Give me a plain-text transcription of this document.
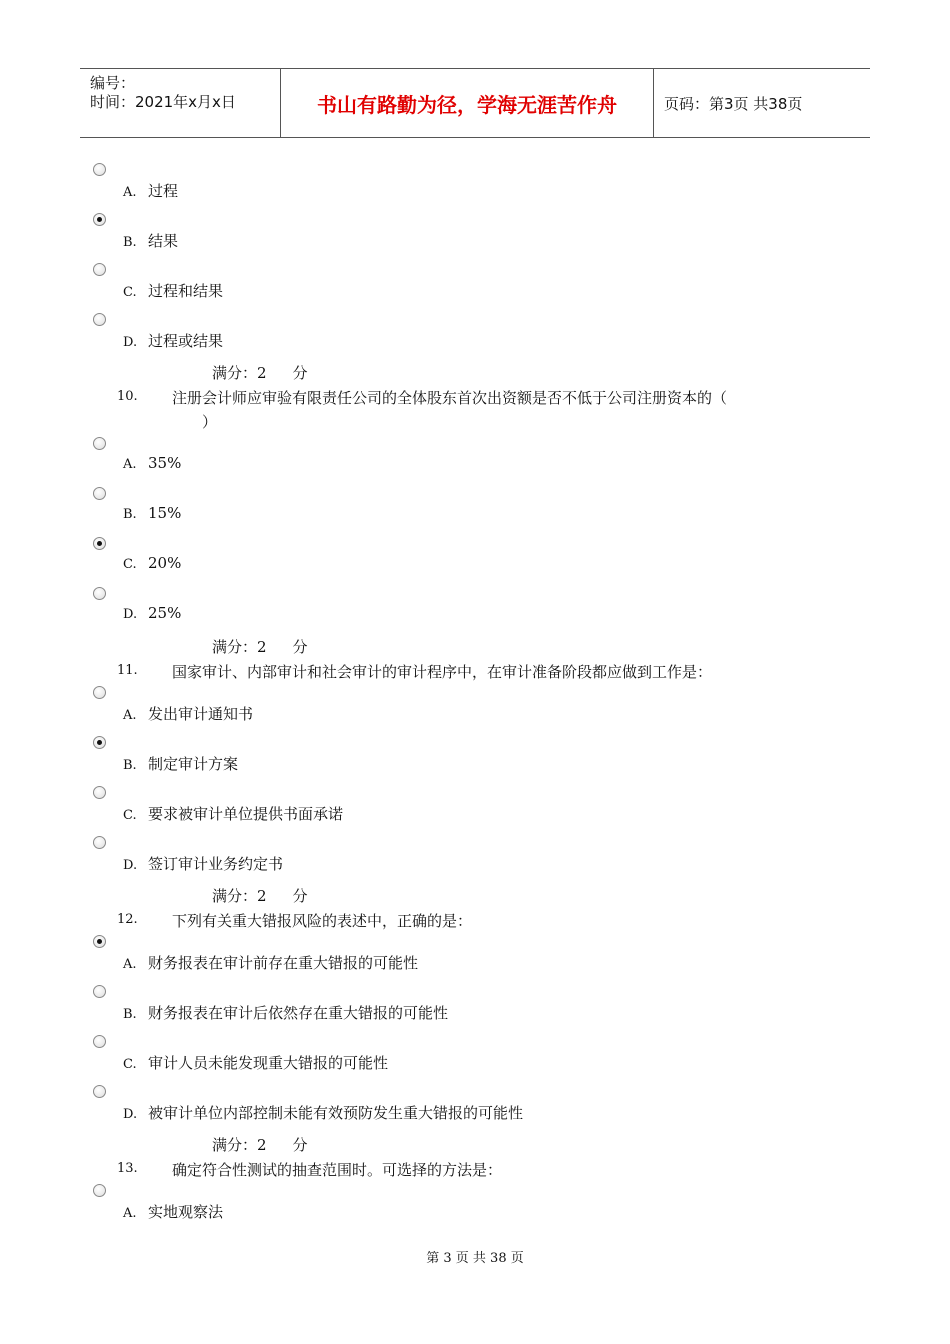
编号：
时间：2021年x月x日	书山有路勤为径，学海无涯苦作舟	页码：第3页 共38页
A. 过程
B. 结果
C. 过程和结果
D. 过程或结果
满分：2 分
10. 注册会计师应审验有限责任公司的全体股东首次出资额是否不低于公司注册资本的（
）
A. 35%
B. 15%
C. 20%
D. 25%
满分：2 分
11. 国家审计、内部审计和社会审计的审计程序中，在审计准备阶段都应做到工作是：
A. 发出审计通知书
B. 制定审计方案
C. 要求被审计单位提供书面承诺
D. 签订审计业务约定书
满分：2 分
12. 下列有关重大错报风险的表述中，正确的是：
A. 财务报表在审计前存在重大错报的可能性
B. 财务报表在审计后依然存在重大错报的可能性
C. 审计人员未能发现重大错报的可能性
D. 被审计单位内部控制未能有效预防发生重大错报的可能性
满分：2 分
13. 确定符合性测试的抽查范围时。可选择的方法是：
A. 实地观察法
第 3 页 共 38 页
